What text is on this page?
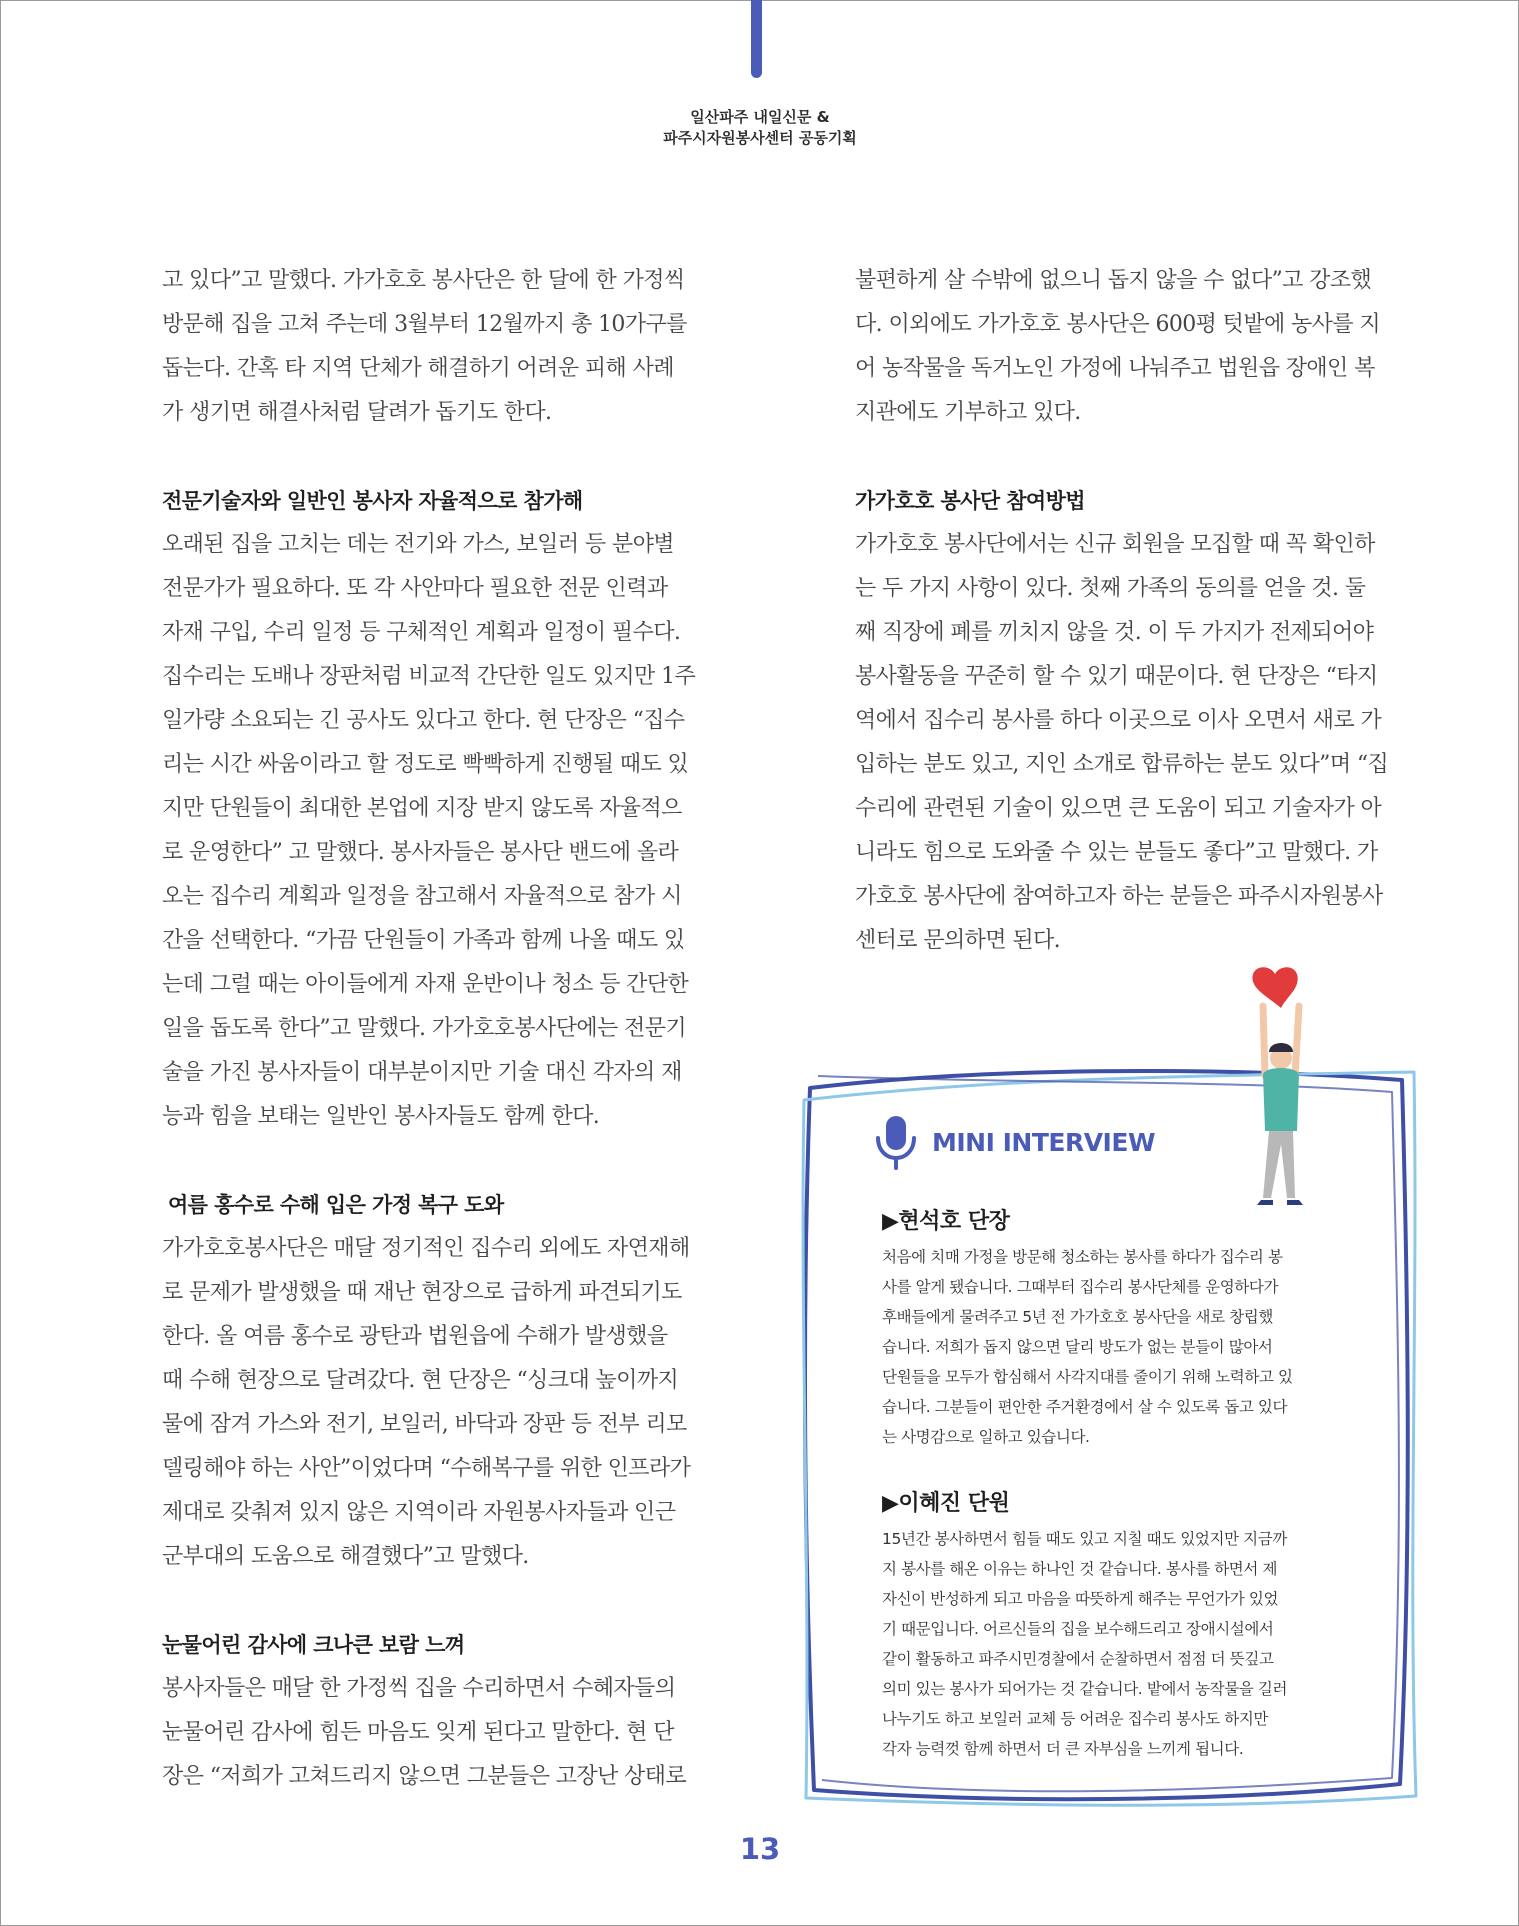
일산파주 내일신문 &
파주시자원봉사센터 공동기획
고 있다”고 말했다. 가가호호 봉사단은 한 달에 한 가정씩
방문해 집을 고쳐 주는데 3월부터 12월까지 총 10가구를
돕는다. 간혹 타 지역 단체가 해결하기 어려운 피해 사례
가 생기면 해결사처럼 달려가 돕기도 한다.
전문기술자와 일반인 봉사자 자율적으로 참가해
오래된 집을 고치는 데는 전기와 가스, 보일러 등 분야별
전문가가 필요하다. 또 각 사안마다 필요한 전문 인력과
자재 구입, 수리 일정 등 구체적인 계획과 일정이 필수다.
집수리는 도배나 장판처럼 비교적 간단한 일도 있지만 1주
일가량 소요되는 긴 공사도 있다고 한다. 현 단장은 “집수
리는 시간 싸움이라고 할 정도로 빡빡하게 진행될 때도 있
지만 단원들이 최대한 본업에 지장 받지 않도록 자율적으
로 운영한다” 고 말했다. 봉사자들은 봉사단 밴드에 올라
오는 집수리 계획과 일정을 참고해서 자율적으로 참가 시
간을 선택한다. “가끔 단원들이 가족과 함께 나올 때도 있
는데 그럴 때는 아이들에게 자재 운반이나 청소 등 간단한
일을 돕도록 한다”고 말했다. 가가호호봉사단에는 전문기
술을 가진 봉사자들이 대부분이지만 기술 대신 각자의 재
능과 힘을 보태는 일반인 봉사자들도 함께 한다.
여름 홍수로 수해 입은 가정 복구 도와
가가호호봉사단은 매달 정기적인 집수리 외에도 자연재해
로 문제가 발생했을 때 재난 현장으로 급하게 파견되기도
한다. 올 여름 홍수로 광탄과 법원읍에 수해가 발생했을
때 수해 현장으로 달려갔다. 현 단장은 “싱크대 높이까지
물에 잠겨 가스와 전기, 보일러, 바닥과 장판 등 전부 리모
델링해야 하는 사안”이었다며 “수해복구를 위한 인프라가
제대로 갖춰져 있지 않은 지역이라 자원봉사자들과 인근
군부대의 도움으로 해결했다”고 말했다.
눈물어린 감사에 크나큰 보람 느껴
봉사자들은 매달 한 가정씩 집을 수리하면서 수혜자들의
눈물어린 감사에 힘든 마음도 잊게 된다고 말한다. 현 단
장은 “저희가 고쳐드리지 않으면 그분들은 고장난 상태로
불편하게 살 수밖에 없으니 돕지 않을 수 없다”고 강조했
다. 이외에도 가가호호 봉사단은 600평 텃밭에 농사를 지
어 농작물을 독거노인 가정에 나눠주고 법원읍 장애인 복
지관에도 기부하고 있다.
가가호호 봉사단 참여방법
가가호호 봉사단에서는 신규 회원을 모집할 때 꼭 확인하
는 두 가지 사항이 있다. 첫째 가족의 동의를 얻을 것. 둘
째 직장에 폐를 끼치지 않을 것. 이 두 가지가 전제되어야
봉사활동을 꾸준히 할 수 있기 때문이다. 현 단장은 “타지
역에서 집수리 봉사를 하다 이곳으로 이사 오면서 새로 가
입하는 분도 있고, 지인 소개로 합류하는 분도 있다”며 “집
수리에 관련된 기술이 있으면 큰 도움이 되고 기술자가 아
니라도 힘으로 도와줄 수 있는 분들도 좋다”고 말했다. 가
가호호 봉사단에 참여하고자 하는 분들은 파주시자원봉사
센터로 문의하면 된다.
MINI INTERVIEW
▶현석호 단장
처음에 치매 가정을 방문해 청소하는 봉사를 하다가 집수리 봉
사를 알게 됐습니다. 그때부터 집수리 봉사단체를 운영하다가
후배들에게 물려주고 5년 전 가가호호 봉사단을 새로 창립했
습니다. 저희가 돕지 않으면 달리 방도가 없는 분들이 많아서
단원들을 모두가 합심해서 사각지대를 줄이기 위해 노력하고 있
습니다. 그분들이 편안한 주거환경에서 살 수 있도록 돕고 있다
는 사명감으로 일하고 있습니다.
▶이혜진 단원
15년간 봉사하면서 힘들 때도 있고 지칠 때도 있었지만 지금까
지 봉사를 해온 이유는 하나인 것 같습니다. 봉사를 하면서 제
자신이 반성하게 되고 마음을 따뜻하게 해주는 무언가가 있었
기 때문입니다. 어르신들의 집을 보수해드리고 장애시설에서
같이 활동하고 파주시민경찰에서 순찰하면서 점점 더 뜻깊고
의미 있는 봉사가 되어가는 것 같습니다. 밭에서 농작물을 길러
나누기도 하고 보일러 교체 등 어려운 집수리 봉사도 하지만
각자 능력껏 함께 하면서 더 큰 자부심을 느끼게 됩니다.
13
